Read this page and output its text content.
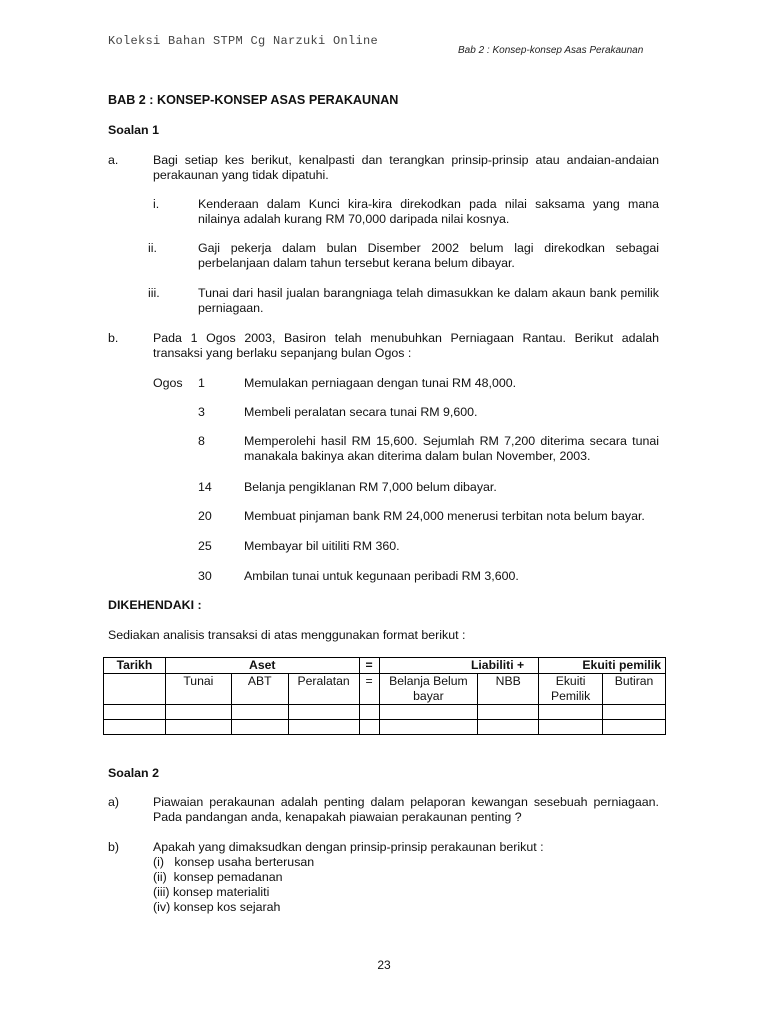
Koleksi Bahan STPM Cg Narzuki Online
Bab 2 : Konsep-konsep Asas Perakaunan
BAB 2 : KONSEP-KONSEP ASAS PERAKAUNAN
Soalan 1
a.	Bagi setiap kes berikut, kenalpasti dan terangkan prinsip-prinsip atau andaian-andaian perakaunan yang tidak dipatuhi.
i.	Kenderaan dalam Kunci kira-kira direkodkan pada nilai saksama yang mana nilainya adalah kurang RM 70,000 daripada nilai kosnya.
ii.	Gaji pekerja dalam bulan Disember 2002 belum lagi direkodkan sebagai perbelanjaan dalam tahun tersebut kerana belum dibayar.
iii.	Tunai dari hasil jualan barangniaga telah dimasukkan ke dalam akaun bank pemilik perniagaan.
b.	Pada 1 Ogos 2003, Basiron telah menubuhkan Perniagaan Rantau. Berikut adalah transaksi yang berlaku sepanjang bulan Ogos :
Ogos 1	Memulakan perniagaan dengan tunai RM 48,000.
3	Membeli peralatan secara tunai RM 9,600.
8	Memperolehi hasil RM 15,600. Sejumlah RM 7,200 diterima secara tunai manakala bakinya akan diterima dalam bulan November, 2003.
14	Belanja pengiklanan RM 7,000 belum dibayar.
20	Membuat pinjaman bank RM 24,000 menerusi terbitan nota belum bayar.
25	Membayar bil uitiliti RM 360.
30	Ambilan tunai untuk kegunaan peribadi RM 3,600.
DIKEHENDAKI :
Sediakan analisis transaksi di atas menggunakan format berikut :
Tarikh	Aset			=	Liabiliti +		Ekuiti pemilik	
	Tunai	ABT	Peralatan	=	Belanja Belum bayar	NBB	Ekuiti Pemilik	Butiran

Soalan 2
a)	Piawaian perakaunan adalah penting dalam pelaporan kewangan sesebuah perniagaan. Pada pandangan anda, kenapakah piawaian perakaunan penting ?
b)	Apakah yang dimaksudkan dengan prinsip-prinsip perakaunan berikut :
(i)   konsep usaha berterusan
(ii)  konsep pemadanan
(iii) konsep materialiti
(iv) konsep kos sejarah
23
